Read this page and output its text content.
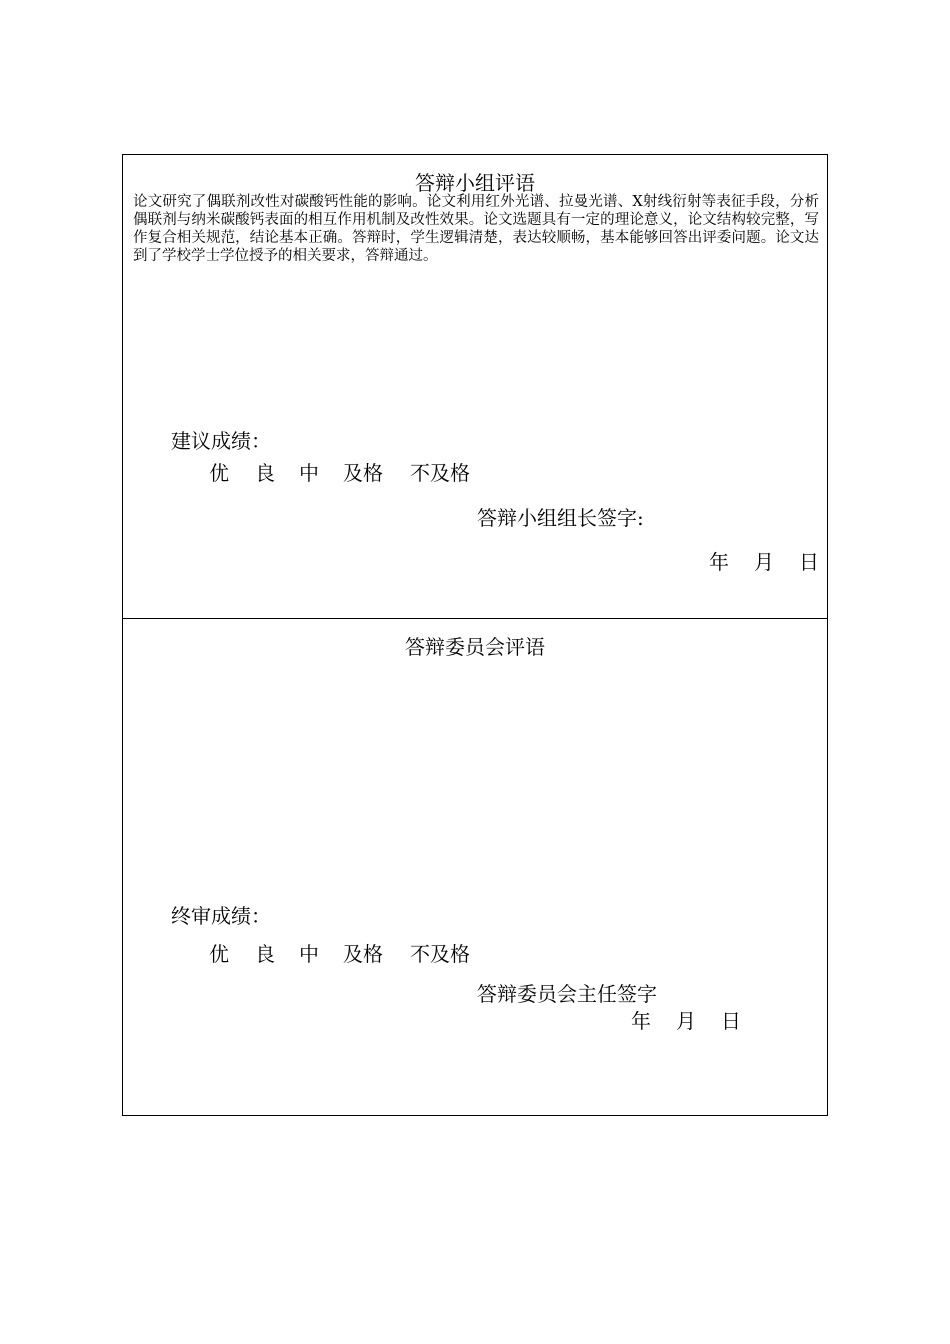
答辩小组评语
论文研究了偶联剂改性对碳酸钙性能的影响。论文利用红外光谱、拉曼光谱、X射线衍射等表征手段，分析偶联剂与纳米碳酸钙表面的相互作用机制及改性效果。论文选题具有一定的理论意义，论文结构较完整，写作复合相关规范，结论基本正确。答辩时，学生逻辑清楚，表达较顺畅，基本能够回答出评委问题。论文达到了学校学士学位授予的相关要求，答辩通过。
建议成绩：
优 良 中 及格 不及格
答辩小组组长签字:
年 月 日
答辩委员会评语
终审成绩：
优 良 中 及格 不及格
答辩委员会主任签字
年 月 日
